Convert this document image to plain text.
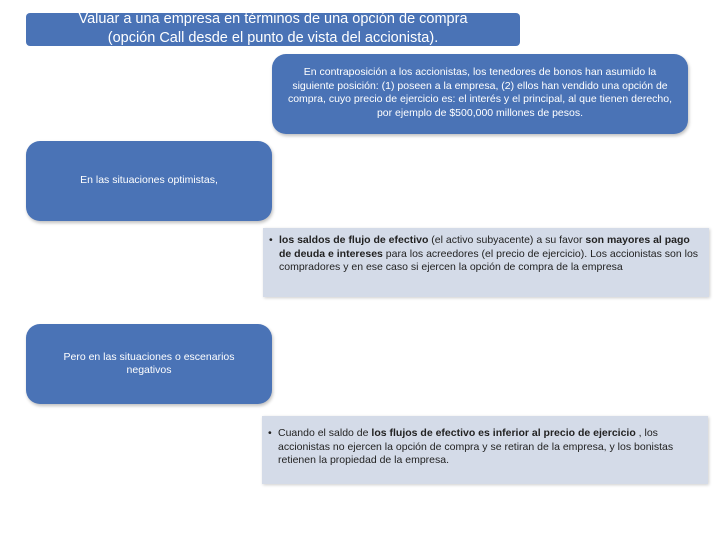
Valuar a una empresa en términos de una opción de compra
(opción Call desde el punto de vista del accionista).
En contraposición a los accionistas, los tenedores de bonos han asumido la siguiente posición: (1) poseen a la empresa, (2) ellos han vendido una opción de compra, cuyo precio de ejercicio es: el interés y el principal, al que tienen derecho, por ejemplo de $500,000 millones de pesos.
En las situaciones optimistas,
• los saldos de flujo de efectivo (el activo subyacente) a su favor son mayores al pago de deuda e intereses para los acreedores (el precio de ejercicio). Los accionistas son los compradores y en ese caso si ejercen la opción de compra de la empresa
Pero en las situaciones o escenarios negativos
• Cuando el saldo de los flujos de efectivo es inferior al precio de ejercicio , los accionistas no ejercen la opción de compra y se retiran de la empresa, y los bonistas retienen la propiedad de la empresa.
